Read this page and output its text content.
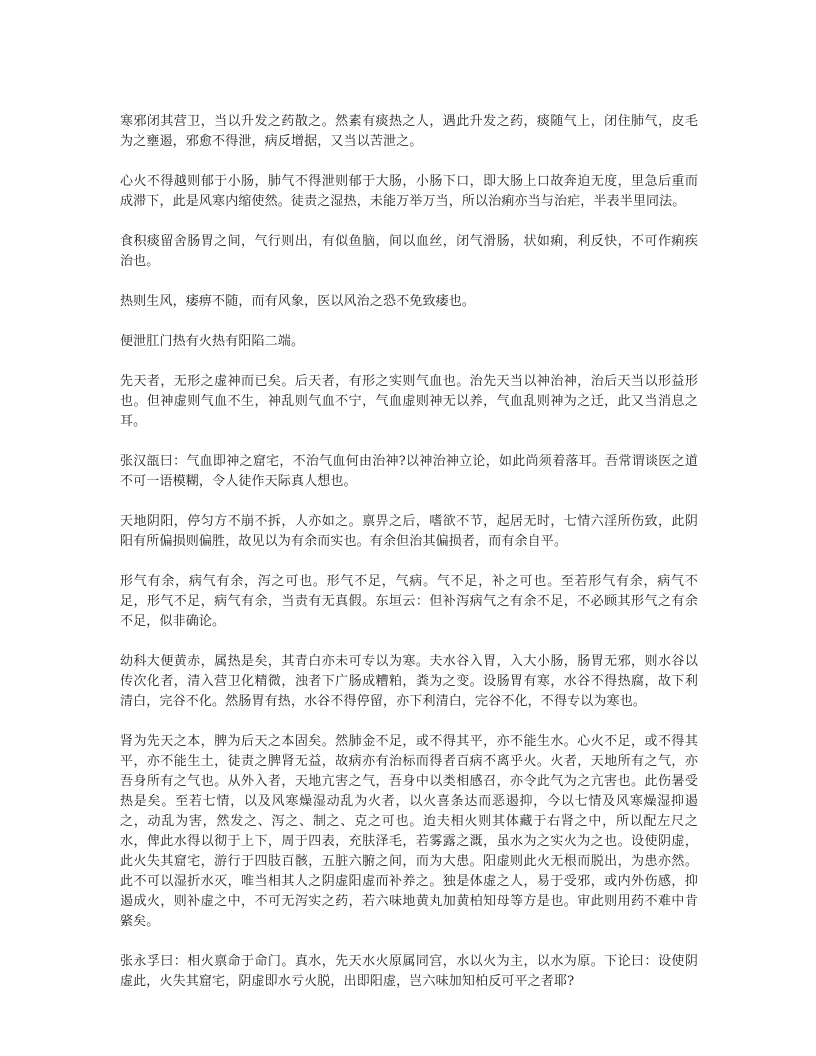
寒邪闭其营卫，当以升发之药散之。然素有痰热之人，遇此升发之药，痰随气上，闭住肺气，皮毛为之壅遏，邪愈不得泄，病反增据，又当以苦泄之。

心火不得越则郁于小肠，肺气不得泄则郁于大肠，小肠下口，即大肠上口故奔迫无度，里急后重而成滞下，此是风寒内缩使然。徒责之湿热，未能万举万当，所以治痢亦当与治疟，半表半里同法。

食积痰留舍肠胃之间，气行则出，有似鱼脑，间以血丝，闭气滑肠，状如痢，利反快，不可作痢疾治也。

热则生风，痿痹不随，而有风象，医以风治之恐不免致痿也。

便泄肛门热有火热有阳陷二端。

先天者，无形之虚神而已矣。后天者，有形之实则气血也。治先天当以神治神，治后天当以形益形也。但神虚则气血不生，神乱则气血不宁，气血虚则神无以养，气血乱则神为之迁，此又当消息之耳。

张汉瓿曰：气血即神之窟宅，不治气血何由治神?以神治神立论，如此尚须着落耳。吾常谓谈医之道不可一语模糊，令人徒作天际真人想也。

天地阴阳，停匀方不崩不拆，人亦如之。禀畀之后，嗜欲不节，起居无时，七情六淫所伤致，此阴阳有所偏损则偏胜，故见以为有余而实也。有余但治其偏损者，而有余自平。

形气有余，病气有余，泻之可也。形气不足，气病。气不足，补之可也。至若形气有余，病气不足，形气不足，病气有余，当责有无真假。东垣云：但补泻病气之有余不足，不必顾其形气之有余不足，似非确论。

幼科大便黄赤，属热是矣，其青白亦未可专以为寒。夫水谷入胃，入大小肠，肠胃无邪，则水谷以传次化者，清入营卫化精微，浊者下广肠成糟粕，粪为之变。设肠胃有寒，水谷不得热腐，故下利清白，完谷不化。然肠胃有热，水谷不得停留，亦下利清白，完谷不化，不得专以为寒也。

肾为先天之本，脾为后天之本固矣。然肺金不足，或不得其平，亦不能生水。心火不足，或不得其平，亦不能生土，徒责之脾肾无益，故病亦有治标而得者百病不离乎火。火者，天地所有之气，亦吾身所有之气也。从外入者，天地亢害之气，吾身中以类相感召，亦令此气为之亢害也。此伤暑受热是矣。至若七情，以及风寒燥湿动乱为火者，以火喜条达而恶遏抑，今以七情及风寒燥湿抑遏之，动乱为害，然发之、泻之、制之、克之可也。迨夫相火则其体藏于右肾之中，所以配左尺之水，俾此水得以彻于上下，周于四表，充肤泽毛，若雾露之溉，虽水为之实火为之也。设使阴虚，此火失其窟宅，游行于四肢百骸，五脏六腑之间，而为大患。阳虚则此火无根而脱出，为患亦然。此不可以湿折水灭，唯当相其人之阴虚阳虚而补养之。独是体虚之人，易于受邪，或内外伤感，抑遏成火，则补虚之中，不可无泻实之药，若六味地黄丸加黄柏知母等方是也。审此则用药不难中肯綮矣。

张永孚曰：相火禀命于命门。真水，先天水火原属同宫，水以火为主，以水为原。下论曰：设使阴虚此，火失其窟宅，阴虚即水亏火脱，出即阳虚，岂六味加知柏反可平之者耶?
